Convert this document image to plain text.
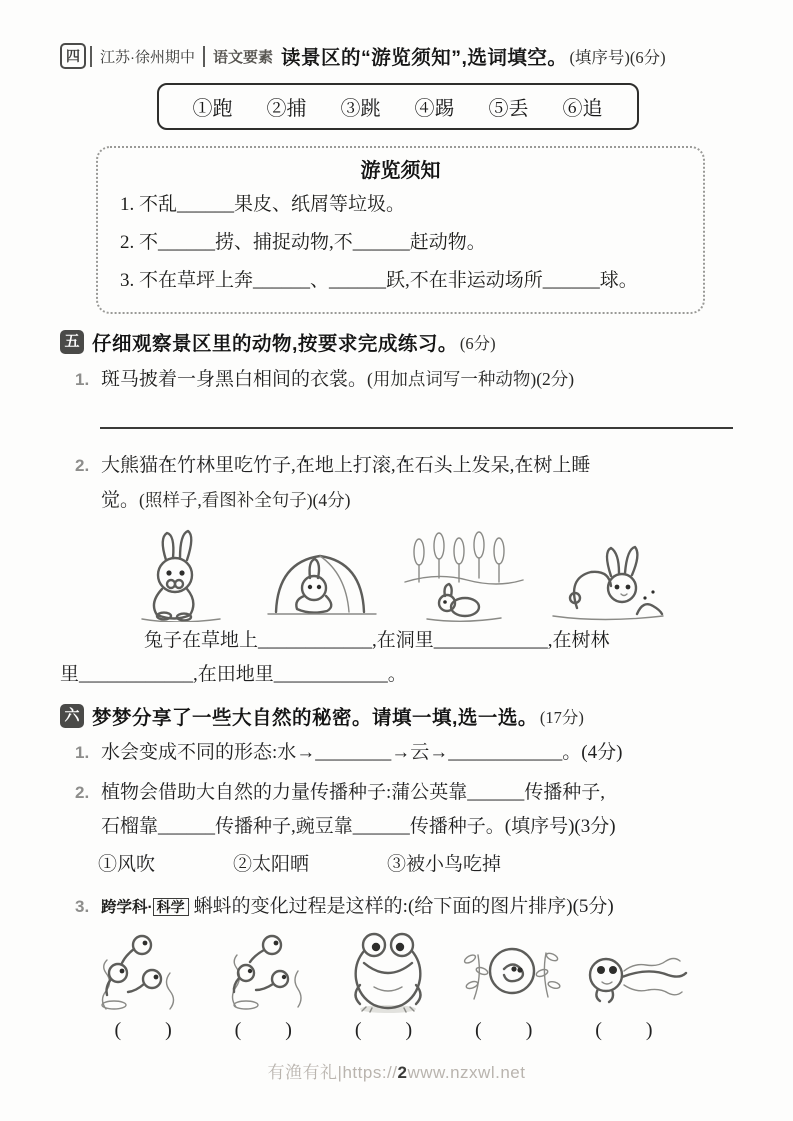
四	江苏·徐州期中	语文要素 读景区的“游览须知”,选词填空。 (填序号)(6分)
①跑 ②捕 ③跳 ④踢 ⑤丢 ⑥追
游览须知
1. 不乱______果皮、纸屑等垃圾。
2. 不______捞、捕捉动物,不______赶动物。
3. 不在草坪上奔______、______跃,不在非运动场所______球。
五 仔细观察景区里的动物,按要求完成练习。 (6分)
1. 斑马披 ●着一身黑白相间的衣裳。(用加点词写一种动物)(2分)
2. 大熊猫在 ●竹林里吃竹子,在 ●地上打滚,在 ●石头上发呆,在 ●树上睡
觉。(照样子,看图补全句子)(4分)
兔子在草地上____________,在洞里____________,在树林
里____________,在田地里____________。
六 梦梦分享了一些大自然的秘密。请填一填,选一选。 (17分)
1. 水会变成不同的形态:水→________→云→____________。(4分)
2. 植物会借助大自然的力量传播种子:蒲公英靠______传播种子,
石榴靠______传播种子,豌豆靠______传播种子。(填序号)(3分)
①风吹	②太阳晒	③被小鸟吃掉
3. 跨学科· 科学 蝌蚪的变化过程是这样的:(给下面的图片排序)(5分)
(      )	(      )	(      )	(      )	(      )
有渔有礼|https://2www.nzxwl.net
